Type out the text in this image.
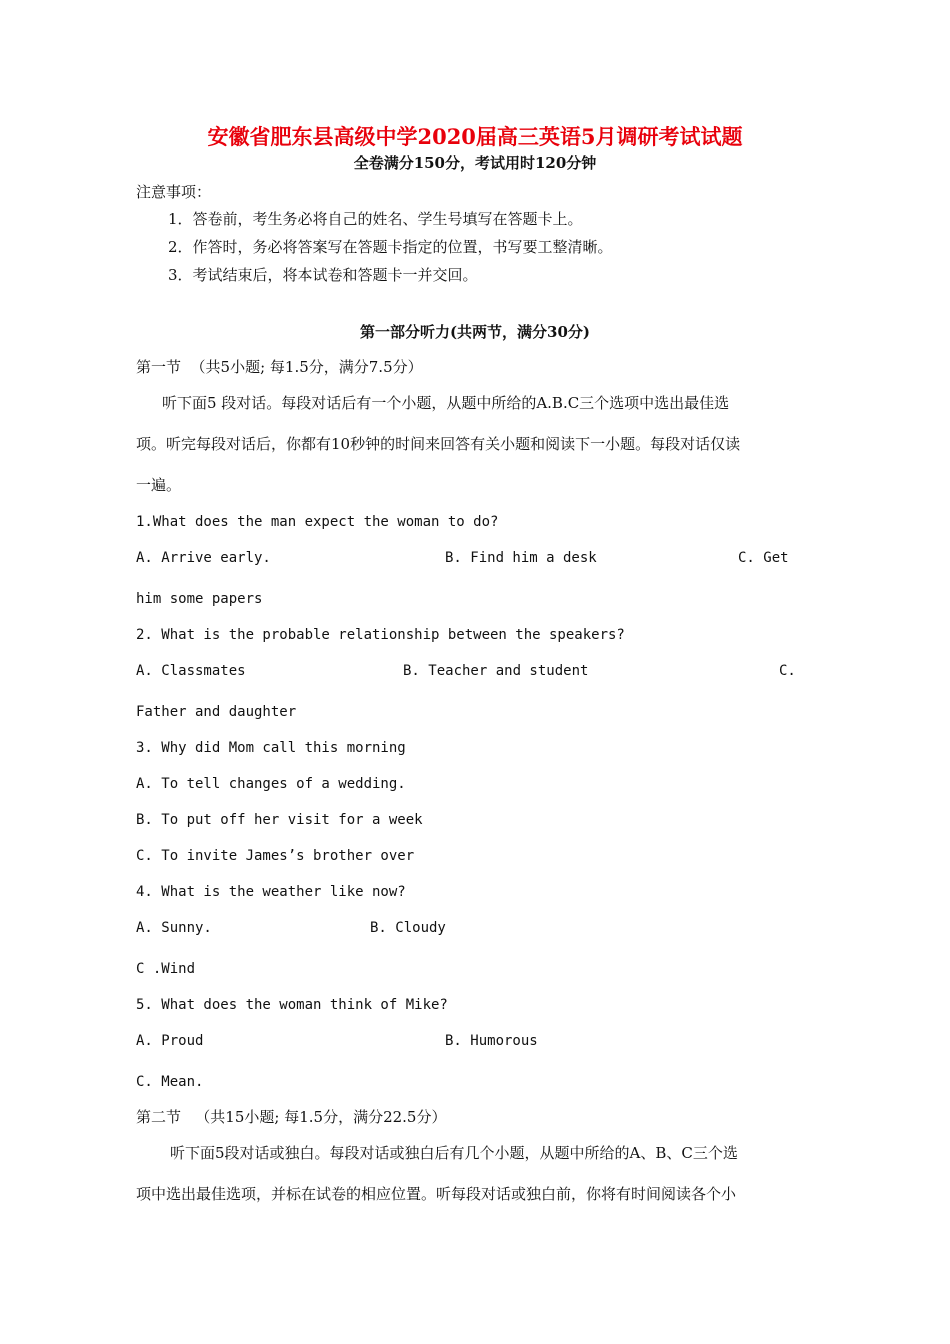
安徽省肥东县高级中学2020届高三英语5月调研考试试题
全卷满分150分，考试用时120分钟
注意事项：
1．答卷前，考生务必将自己的姓名、学生号填写在答题卡上。
2．作答时，务必将答案写在答题卡指定的位置，书写要工整清晰。
3．考试结束后，将本试卷和答题卡一并交回。
第一部分听力(共两节，满分30分)
第一节  （共5小题; 每1.5分，满分7.5分）
听下面5 段对话。每段对话后有一个小题，从题中所给的A.B.C三个选项中选出最佳选
项。听完每段对话后，你都有10秒钟的时间来回答有关小题和阅读下一小题。每段对话仅读
一遍。
1.What does the man expect the woman to do?
A. Arrive early.	B. Find him a desk	C. Get
him some papers
2. What is the probable relationship between the speakers?
A. Classmates	B. Teacher and student	C.
Father and daughter
3. Why did Mom call this morning
A. To tell changes of a wedding.
B. To put off her visit for a week
C. To invite James’s brother over
4. What is the weather like now?
A. Sunny.	B. Cloudy
C .Wind
5. What does the woman think of Mike?
A. Proud	B. Humorous
C. Mean.
第二节   （共15小题; 每1.5分，满分22.5分）
听下面5段对话或独白。每段对话或独白后有几个小题，从题中所给的A、B、C三个选
项中选出最佳选项，并标在试卷的相应位置。听每段对话或独白前，你将有时间阅读各个小
